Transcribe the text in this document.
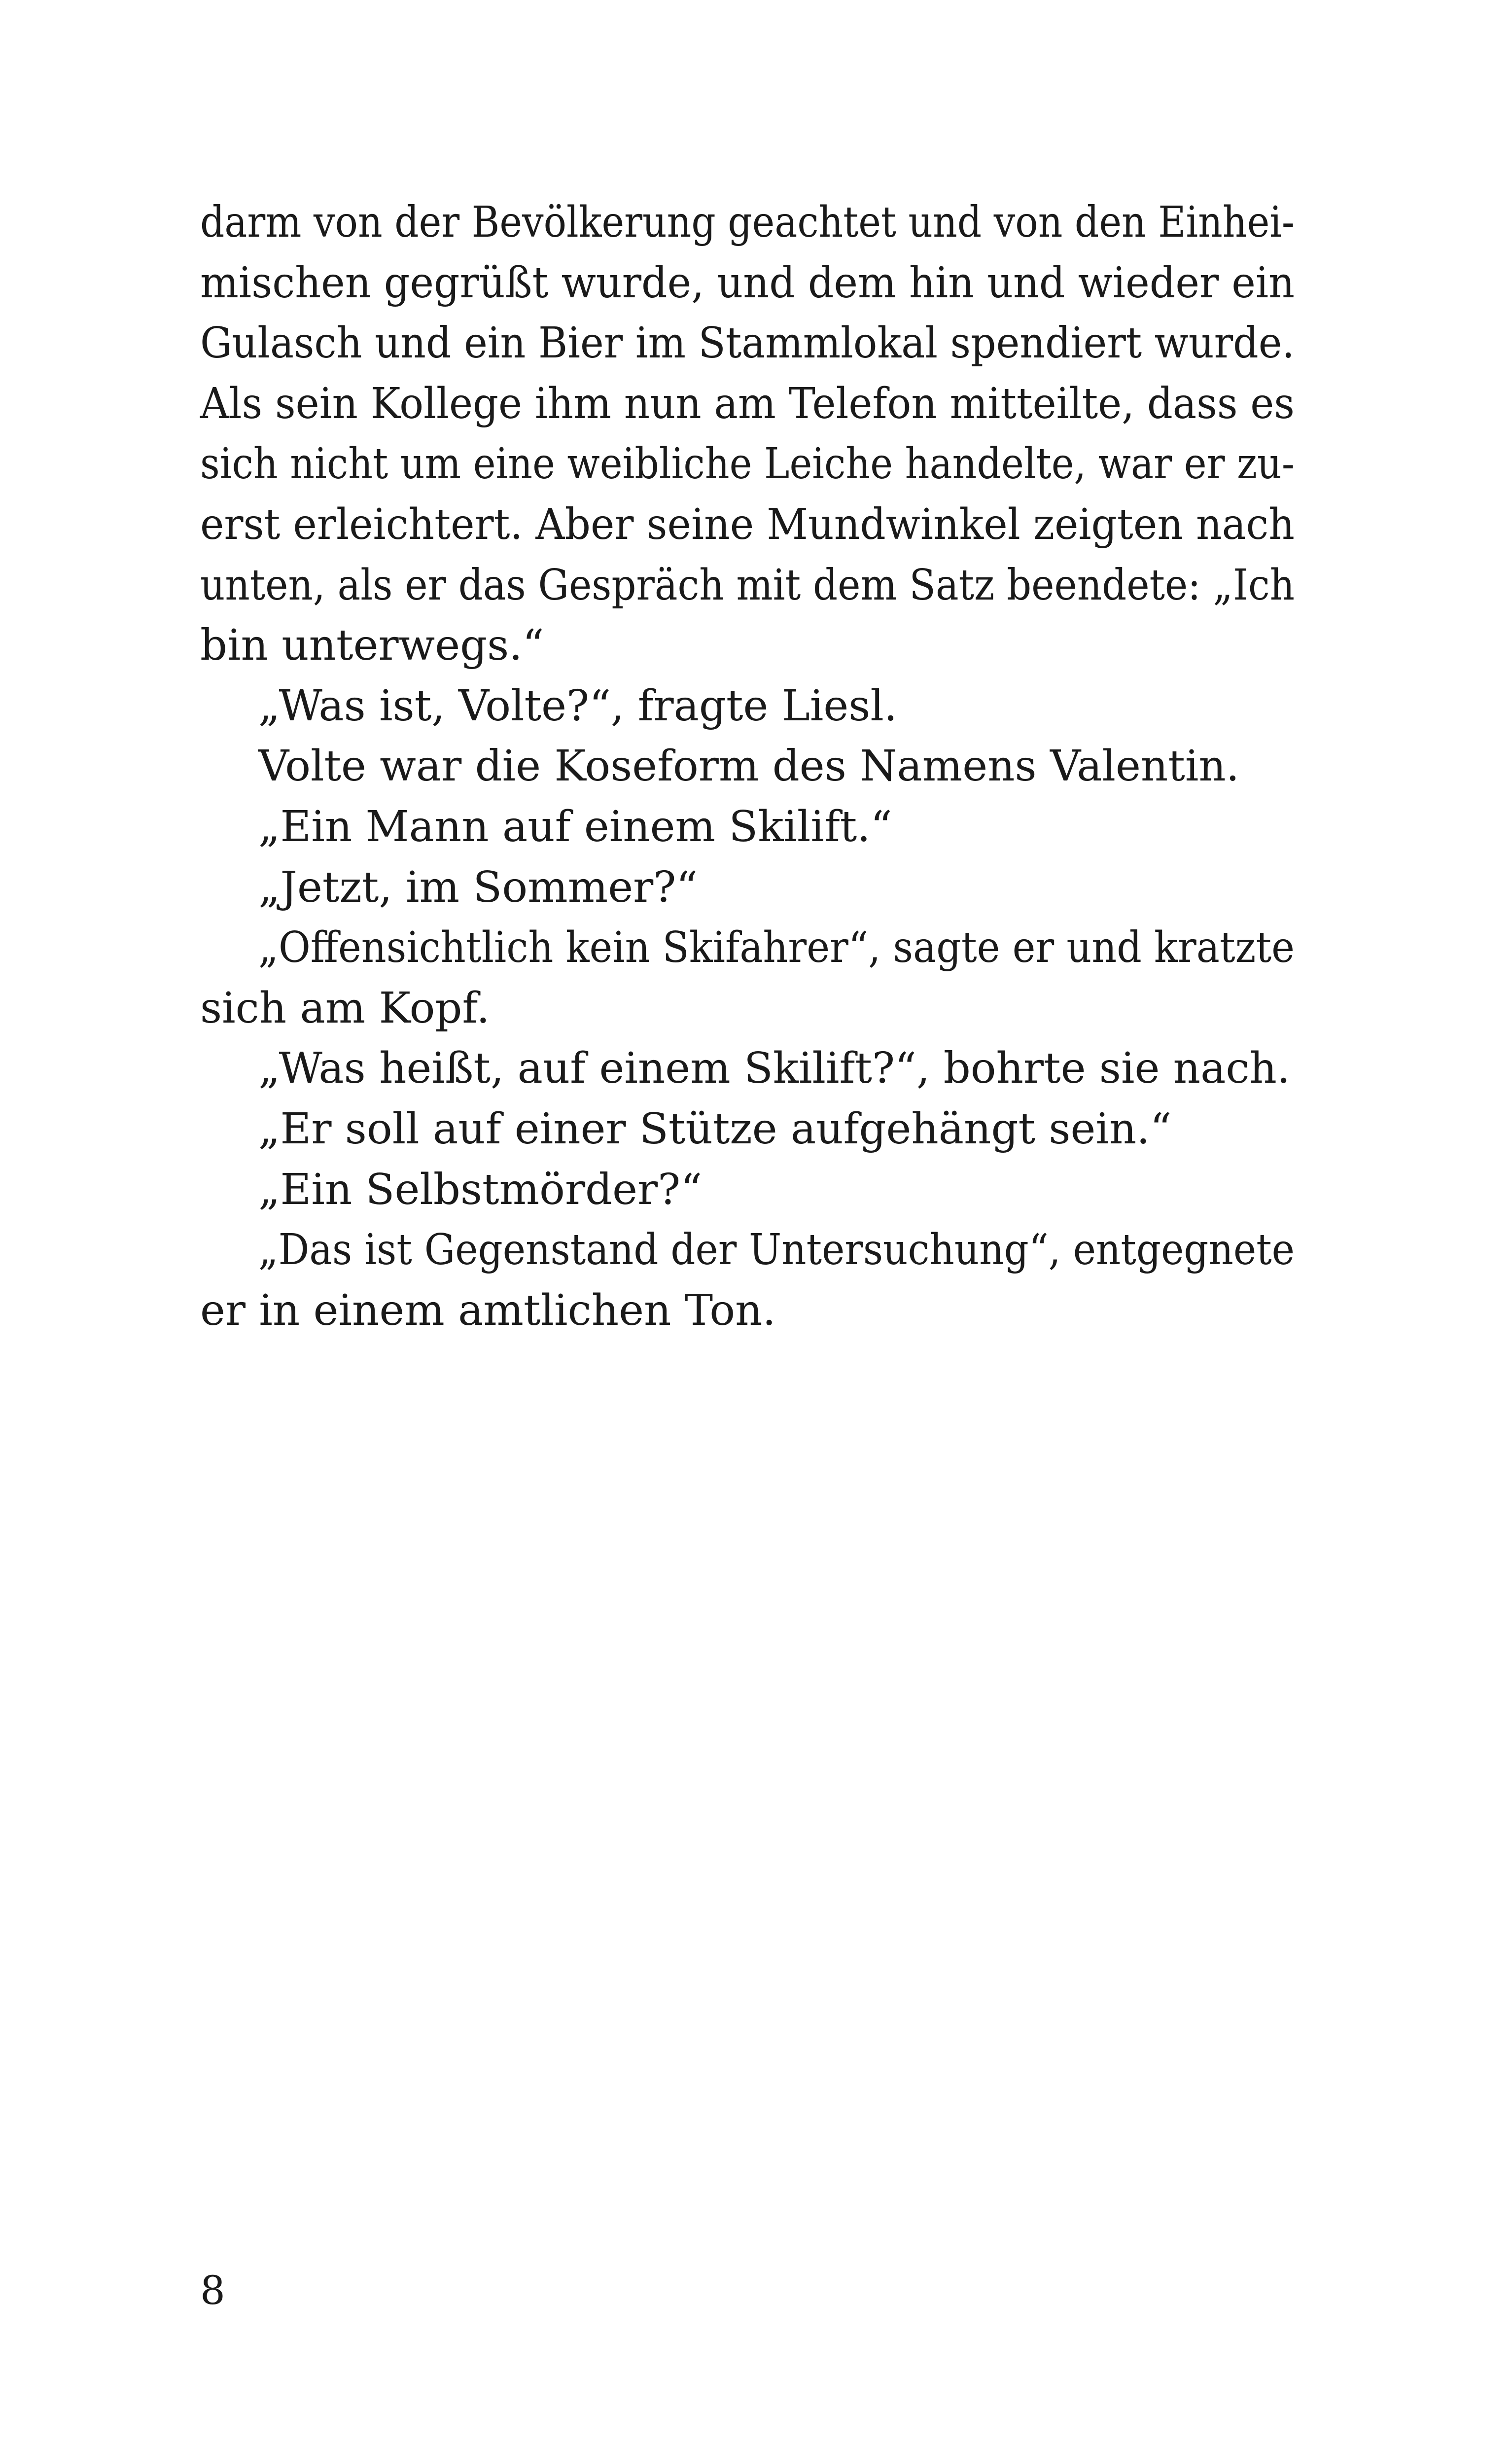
darm von der Bevölkerung geachtet und von den Einhei-
mischen gegrüßt wurde, und dem hin und wieder ein
Gulasch und ein Bier im Stammlokal spendiert wurde.
Als sein Kollege ihm nun am Telefon mitteilte, dass es
sich nicht um eine weibliche Leiche handelte, war er zu-
erst erleichtert. Aber seine Mundwinkel zeigten nach
unten, als er das Gespräch mit dem Satz beendete: „Ich
bin unterwegs.“
„Was ist, Volte?“, fragte Liesl.
Volte war die Koseform des Namens Valentin.
„Ein Mann auf einem Skilift.“
„Jetzt, im Sommer?“
„Offensichtlich kein Skifahrer“, sagte er und kratzte
sich am Kopf.
„Was heißt, auf einem Skilift?“, bohrte sie nach.
„Er soll auf einer Stütze aufgehängt sein.“
„Ein Selbstmörder?“
„Das ist Gegenstand der Untersuchung“, entgegnete
er in einem amtlichen Ton.
8
